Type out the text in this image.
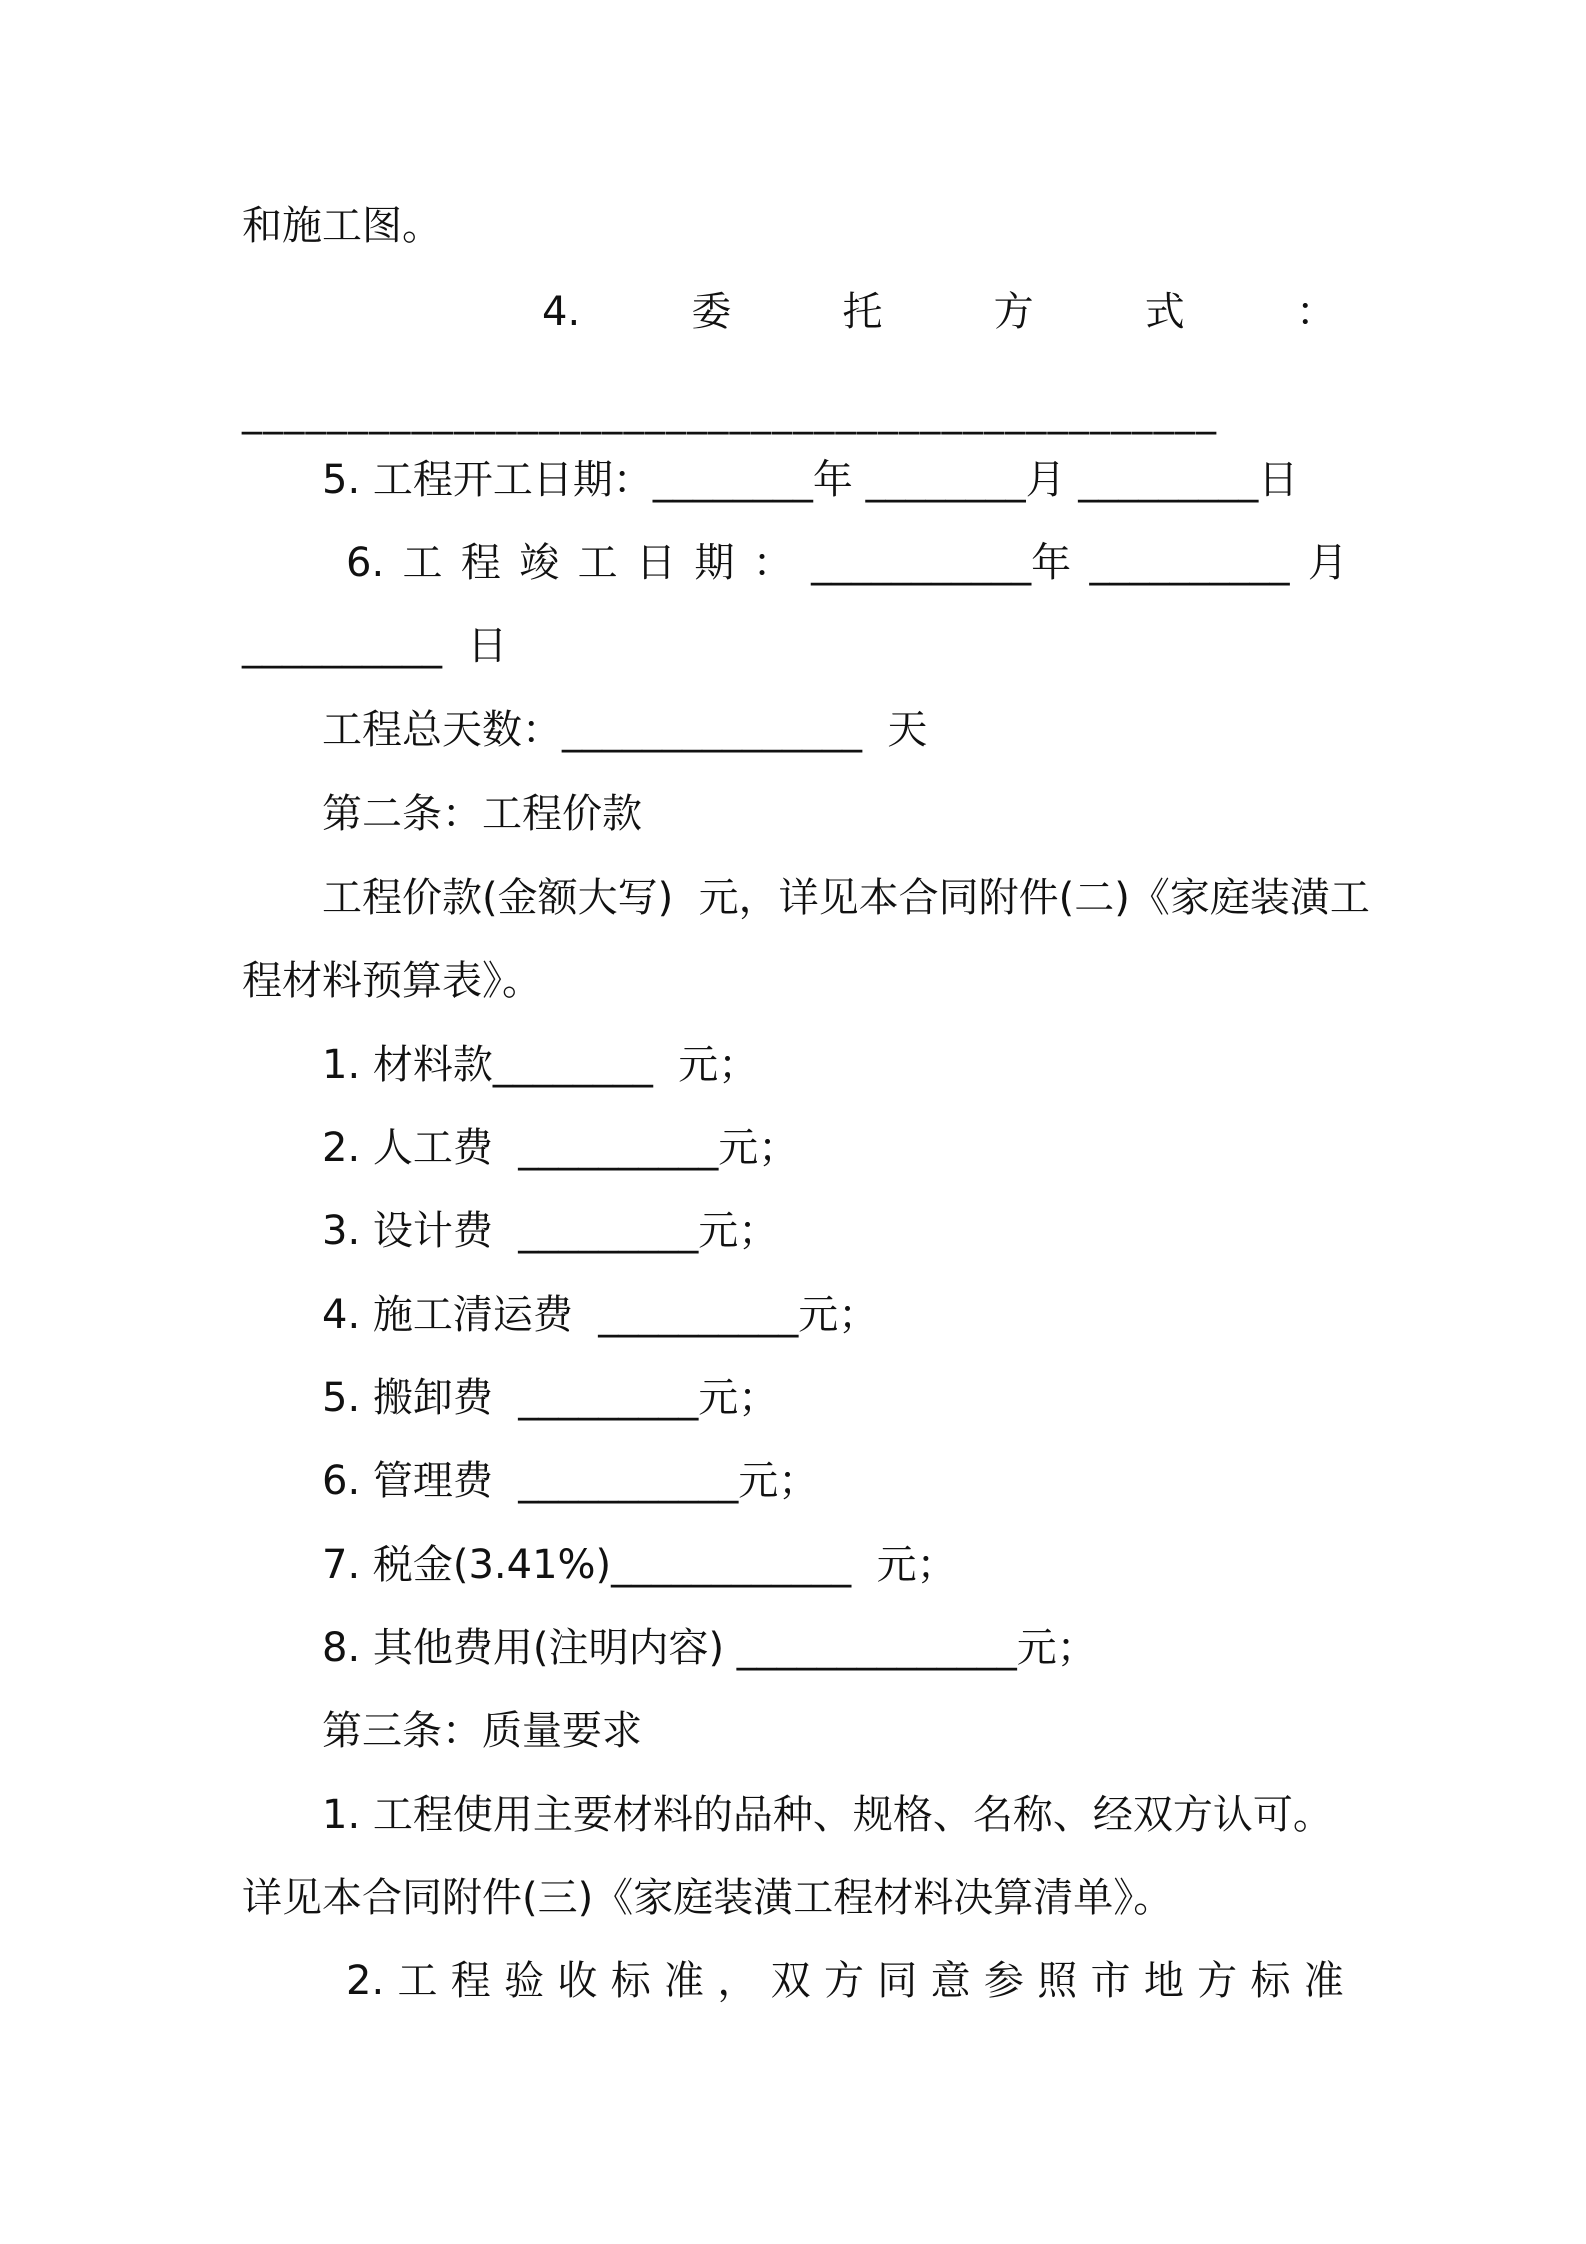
和施工图。
4.	委	托	方	式	：
______________________________________________
5. 工程开工日期：________年 ________月 _________日
6. 工 程 竣 工 日 期 ： ___________年 __________ 月
__________  日
工程总天数：_______________  天
第二条：工程价款
工程价款(金额大写)  元，详见本合同附件(二)《家庭装潢工
程材料预算表》。
1. 材料款________  元；
2. 人工费  __________元；
3. 设计费  _________元；
4. 施工清运费  __________元；
5. 搬卸费  _________元；
6. 管理费  ___________元；
7. 税金(3.41%)____________  元；
8. 其他费用(注明内容) ______________元；
第三条：质量要求
1. 工程使用主要材料的品种、规格、名称、经双方认可。
详见本合同附件(三)《家庭装潢工程材料决算清单》。
2. 工 程 验 收 标 准 ， 双 方 同 意 参 照 市 地 方 标 准
